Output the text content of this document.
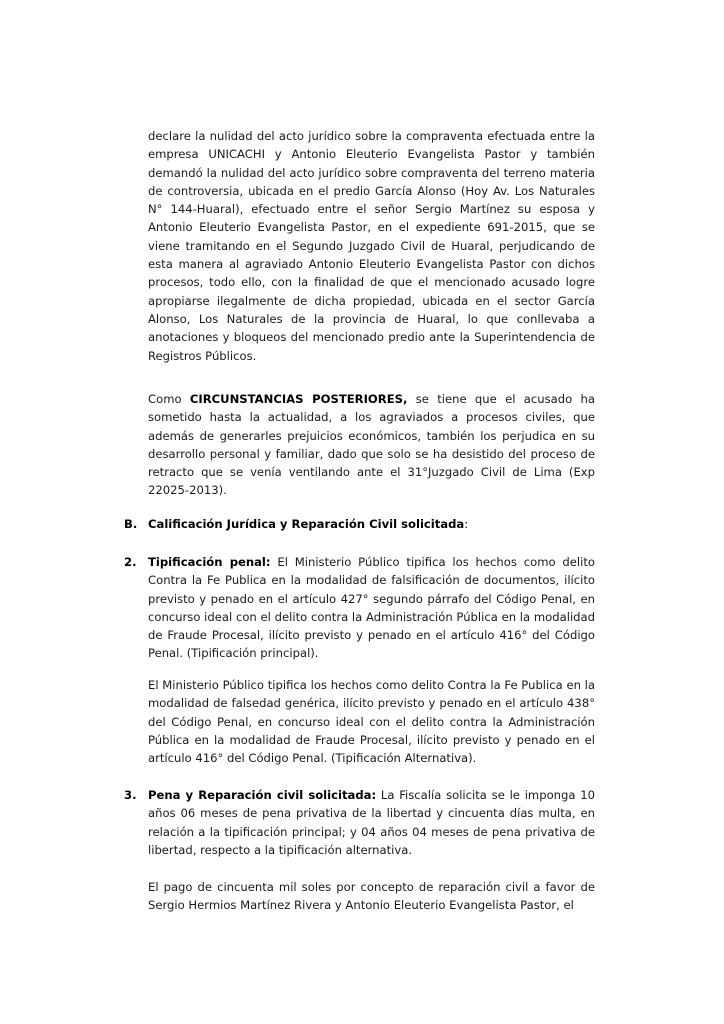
declare la nulidad del acto jurídico sobre la compraventa efectuada entre la empresa UNICACHI y Antonio Eleuterio Evangelista Pastor y también demandó la nulidad del acto jurídico sobre compraventa del terreno materia de controversia, ubicada en el predio García Alonso (Hoy Av. Los Naturales N° 144-Huaral), efectuado entre el señor Sergio Martínez su esposa y Antonio Eleuterio Evangelista Pastor, en el expediente 691-2015, que se viene tramitando en el Segundo Juzgado Civil de Huaral, perjudicando de esta manera al agraviado Antonio Eleuterio Evangelista Pastor con dichos procesos, todo ello, con la finalidad de que el mencionado acusado logre apropiarse ilegalmente de dicha propiedad, ubicada en el sector García Alonso, Los Naturales de la provincia de Huaral, lo que conllevaba a anotaciones y bloqueos del mencionado predio ante la Superintendencia de Registros Públicos.

Como CIRCUNSTANCIAS POSTERIORES, se tiene que el acusado ha sometido hasta la actualidad, a los agraviados a procesos civiles, que además de generarles prejuicios económicos, también los perjudica en su desarrollo personal y familiar, dado que solo se ha desistido del proceso de retracto que se venía ventilando ante el 31°Juzgado Civil de Lima (Exp 22025-2013).

B. Calificación Jurídica y Reparación Civil solicitada:
2. Tipificación penal: El Ministerio Público tipifica los hechos como delito Contra la Fe Publica en la modalidad de falsificación de documentos, ilícito previsto y penado en el artículo 427° segundo párrafo del Código Penal, en concurso ideal con el delito contra la Administración Pública en la modalidad de Fraude Procesal, ilícito previsto y penado en el artículo 416° del Código Penal. (Tipificación principal).

El Ministerio Público tipifica los hechos como delito Contra la Fe Publica en la modalidad de falsedad genérica, ilícito previsto y penado en el artículo 438° del Código Penal, en concurso ideal con el delito contra la Administración Pública en la modalidad de Fraude Procesal, ilícito previsto y penado en el artículo 416° del Código Penal. (Tipificación Alternativa).

3. Pena y Reparación civil solicitada: La Fiscalía solicita se le imponga 10 años 06 meses de pena privativa de la libertad y cincuenta días multa, en relación a la tipificación principal; y 04 años 04 meses de pena privativa de libertad, respecto a la tipificación alternativa.

El pago de cincuenta mil soles por concepto de reparación civil a favor de Sergio Hermios Martínez Rivera y Antonio Eleuterio Evangelista Pastor, el
